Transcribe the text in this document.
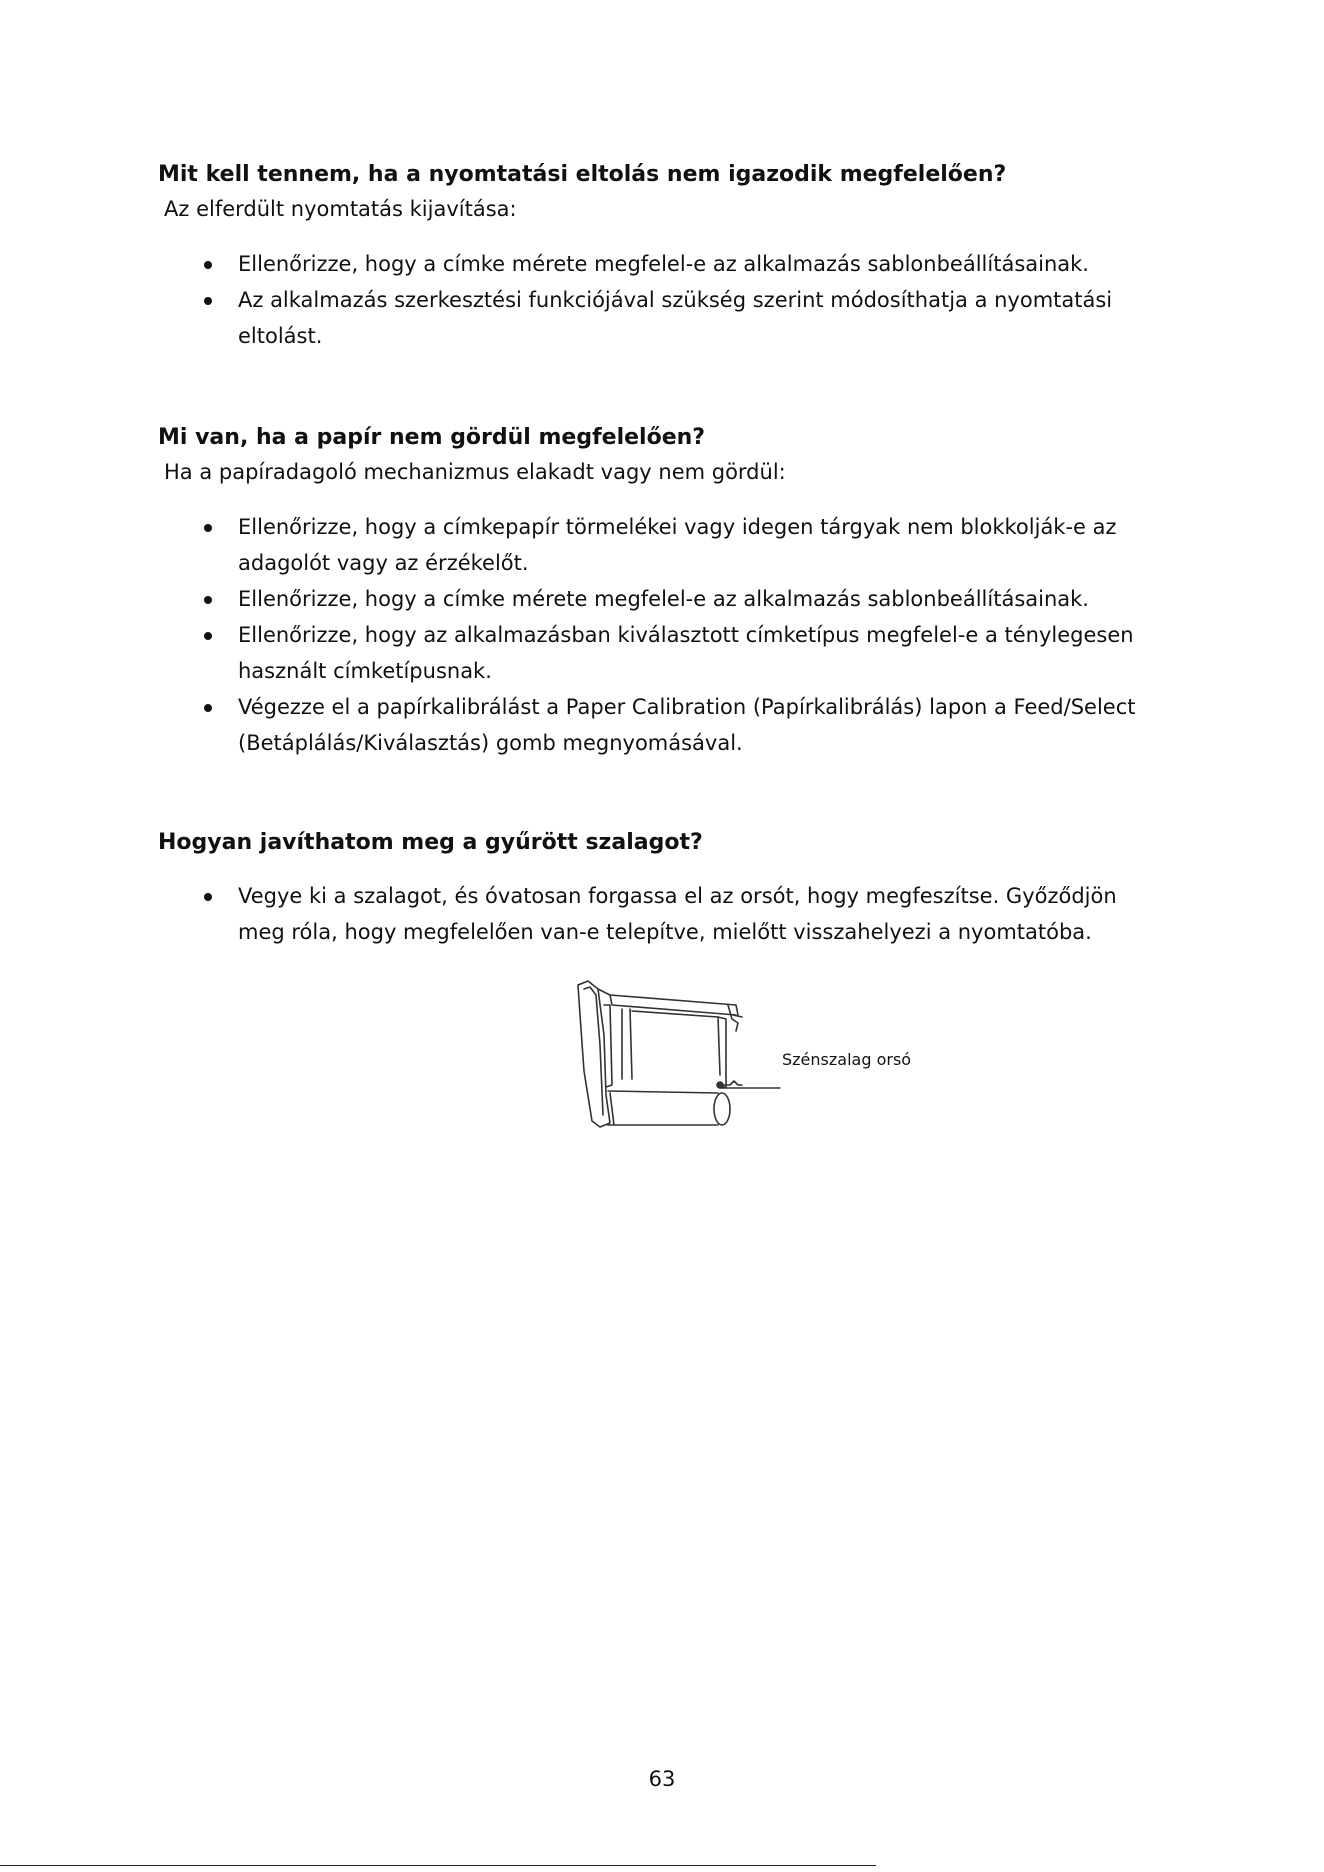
Mit kell tennem, ha a nyomtatási eltolás nem igazodik megfelelően?

Az elferdült nyomtatás kijavítása:

Ellenőrizze, hogy a címke mérete megfelel-e az alkalmazás sablonbeállításainak.
Az alkalmazás szerkesztési funkciójával szükség szerint módosíthatja a nyomtatási eltolást.

Mi van, ha a papír nem gördül megfelelően?

Ha a papíradagoló mechanizmus elakadt vagy nem gördül:

Ellenőrizze, hogy a címkepapír törmelékei vagy idegen tárgyak nem blokkolják-e az adagolót vagy az érzékelőt.
Ellenőrizze, hogy a címke mérete megfelel-e az alkalmazás sablonbeállításainak.
Ellenőrizze, hogy az alkalmazásban kiválasztott címketípus megfelel-e a ténylegesen használt címketípusnak.
Végezze el a papírkalibrálást a Paper Calibration (Papírkalibrálás) lapon a Feed/Select (Betáplálás/Kiválasztás) gomb megnyomásával.

Hogyan javíthatom meg a gyűrött szalagot?

Vegye ki a szalagot, és óvatosan forgassa el az orsót, hogy megfeszítse. Győződjön meg róla, hogy megfelelően van-e telepítve, mielőtt visszahelyezi a nyomtatóba.
Szénszalag orsó
63
